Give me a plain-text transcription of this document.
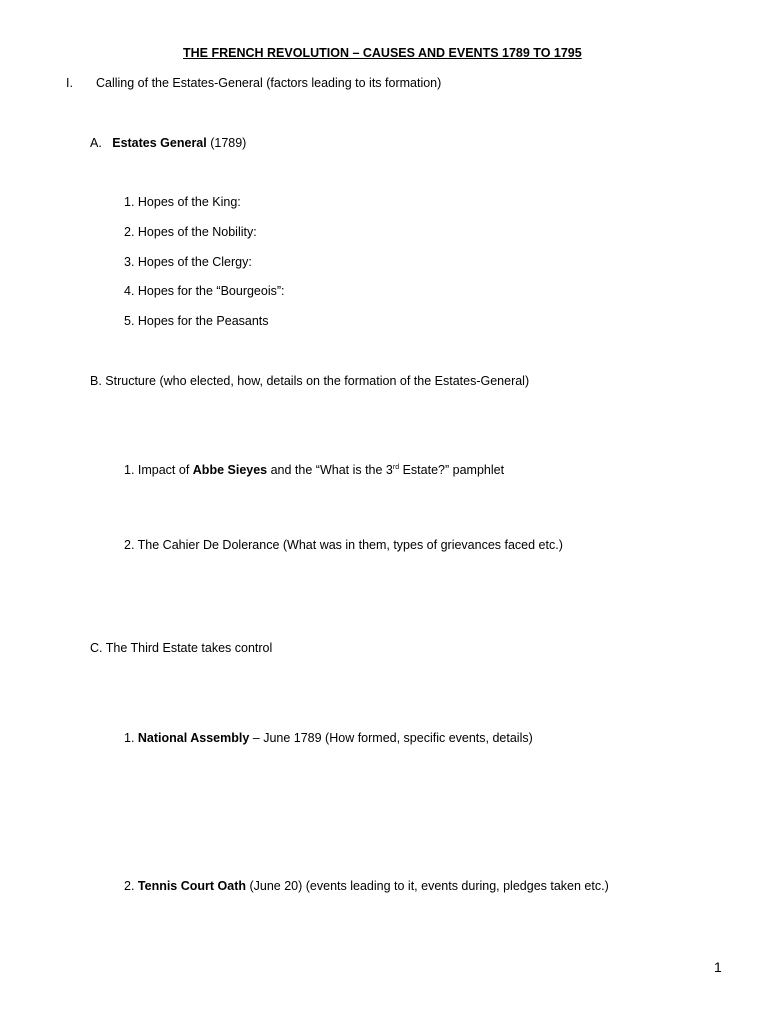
THE FRENCH REVOLUTION – CAUSES AND EVENTS 1789 TO 1795
I. Calling of the Estates-General (factors leading to its formation)
A. Estates General (1789)
1. Hopes of the King:
2. Hopes of the Nobility:
3. Hopes of the Clergy:
4. Hopes for the “Bourgeois”:
5. Hopes for the Peasants
B. Structure (who elected, how, details on the formation of the Estates-General)
1. Impact of Abbe Sieyes and the “What is the 3rd Estate?” pamphlet
2. The Cahier De Dolerance (What was in them, types of grievances faced etc.)
C. The Third Estate takes control
1. National Assembly – June 1789 (How formed, specific events, details)
2. Tennis Court Oath (June 20) (events leading to it, events during, pledges taken etc.)
1
